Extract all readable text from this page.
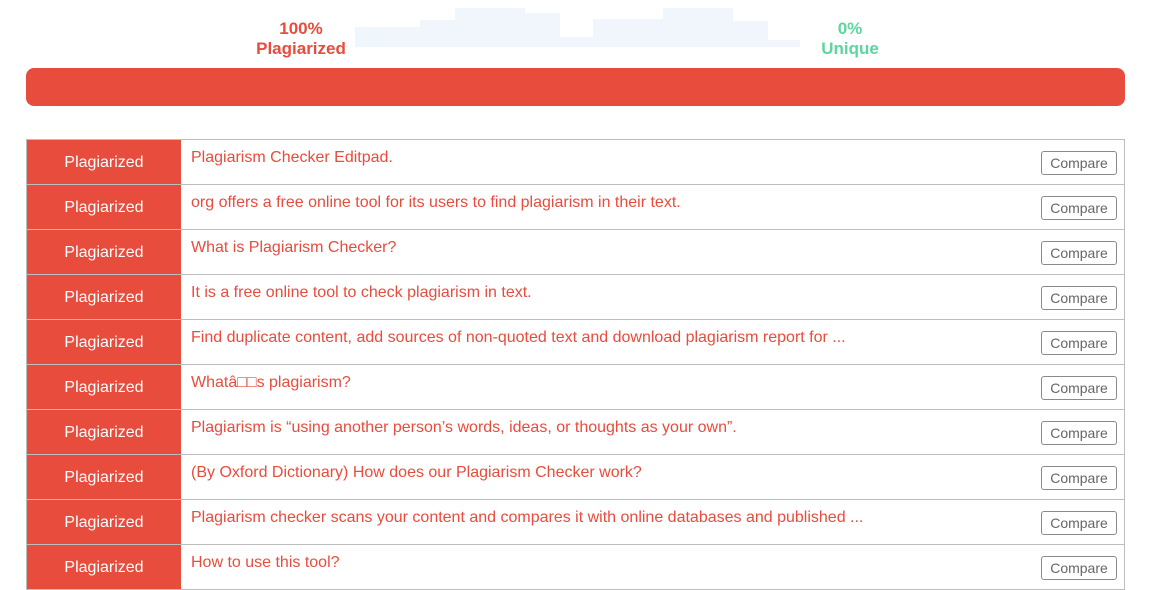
100%
Plagiarized
0%
Unique
Plagiarized	Plagiarism Checker Editpad.	Compare
Plagiarized	org offers a free online tool for its users to find plagiarism in their text.	Compare
Plagiarized	What is Plagiarism Checker?	Compare
Plagiarized	It is a free online tool to check plagiarism in text.	Compare
Plagiarized	Find duplicate content, add sources of non-quoted text and download plagiarism report for ...	Compare
Plagiarized	Whatâ□□s plagiarism?	Compare
Plagiarized	Plagiarism is “using another person’s words, ideas, or thoughts as your own”.	Compare
Plagiarized	(By Oxford Dictionary) How does our Plagiarism Checker work?	Compare
Plagiarized	Plagiarism checker scans your content and compares it with online databases and published ...	Compare
Plagiarized	How to use this tool?	Compare
